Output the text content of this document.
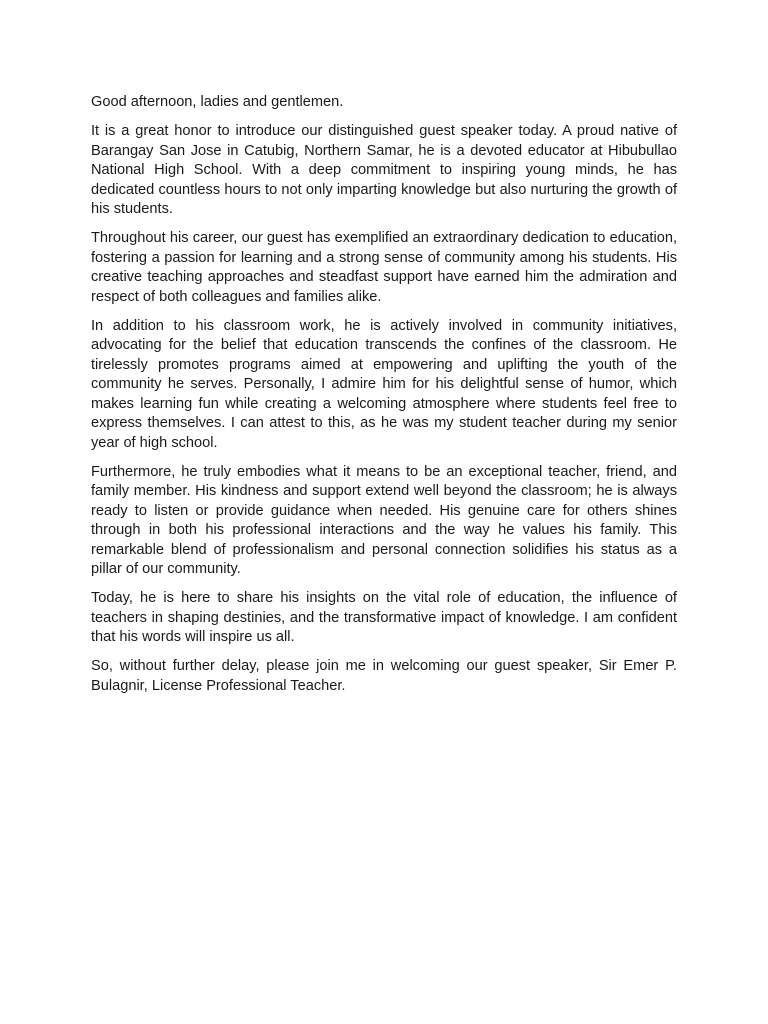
Good afternoon, ladies and gentlemen.

It is a great honor to introduce our distinguished guest speaker today. A proud native of Barangay San Jose in Catubig, Northern Samar, he is a devoted educator at Hibubullao National High School. With a deep commitment to inspiring young minds, he has dedicated countless hours to not only imparting knowledge but also nurturing the growth of his students.

Throughout his career, our guest has exemplified an extraordinary dedication to education, fostering a passion for learning and a strong sense of community among his students. His creative teaching approaches and steadfast support have earned him the admiration and respect of both colleagues and families alike.

In addition to his classroom work, he is actively involved in community initiatives, advocating for the belief that education transcends the confines of the classroom. He tirelessly promotes programs aimed at empowering and uplifting the youth of the community he serves. Personally, I admire him for his delightful sense of humor, which makes learning fun while creating a welcoming atmosphere where students feel free to express themselves. I can attest to this, as he was my student teacher during my senior year of high school.

Furthermore, he truly embodies what it means to be an exceptional teacher, friend, and family member. His kindness and support extend well beyond the classroom; he is always ready to listen or provide guidance when needed. His genuine care for others shines through in both his professional interactions and the way he values his family. This remarkable blend of professionalism and personal connection solidifies his status as a pillar of our community.

Today, he is here to share his insights on the vital role of education, the influence of teachers in shaping destinies, and the transformative impact of knowledge. I am confident that his words will inspire us all.

So, without further delay, please join me in welcoming our guest speaker, Sir Emer P. Bulagnir, License Professional Teacher.
